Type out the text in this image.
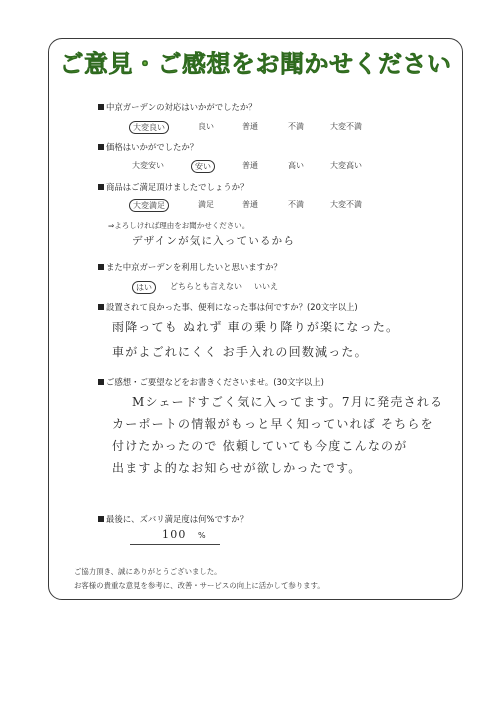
ご意見・ご感想をお聞かせください
中京ガーデンの対応はいかがでしたか？
大変良い	良い	普通	不満	大変不満
価格はいかがでしたか？
大変安い	安い	普通	高い	大変高い
商品はご満足頂けましたでしょうか？
大変満足	満足	普通	不満	大変不満
⇒よろしければ理由をお聞かせください。
デザインが気に入っているから
また中京ガーデンを利用したいと思いますか？
はい	どちらとも言えない いいえ
設置されて良かった事、便利になった事は何ですか？(20文字以上)
雨降っても ぬれず 車の乗り降りが楽になった。
車がよごれにくく お手入れの回数減った。
ご感想・ご要望などをお書きくださいませ。(30文字以上)
Mシェードすごく気に入ってます。7月に発売される
カーポートの情報がもっと早く知っていれば そちらを
付けたかったので 依頼していても今度こんなのが
出ますよ的なお知らせが欲しかったです。
最後に、ズバリ満足度は何%ですか？
100 %
ご協力頂き、誠にありがとうございました。
お客様の貴重な意見を参考に、改善・サービスの向上に活かして参ります。
